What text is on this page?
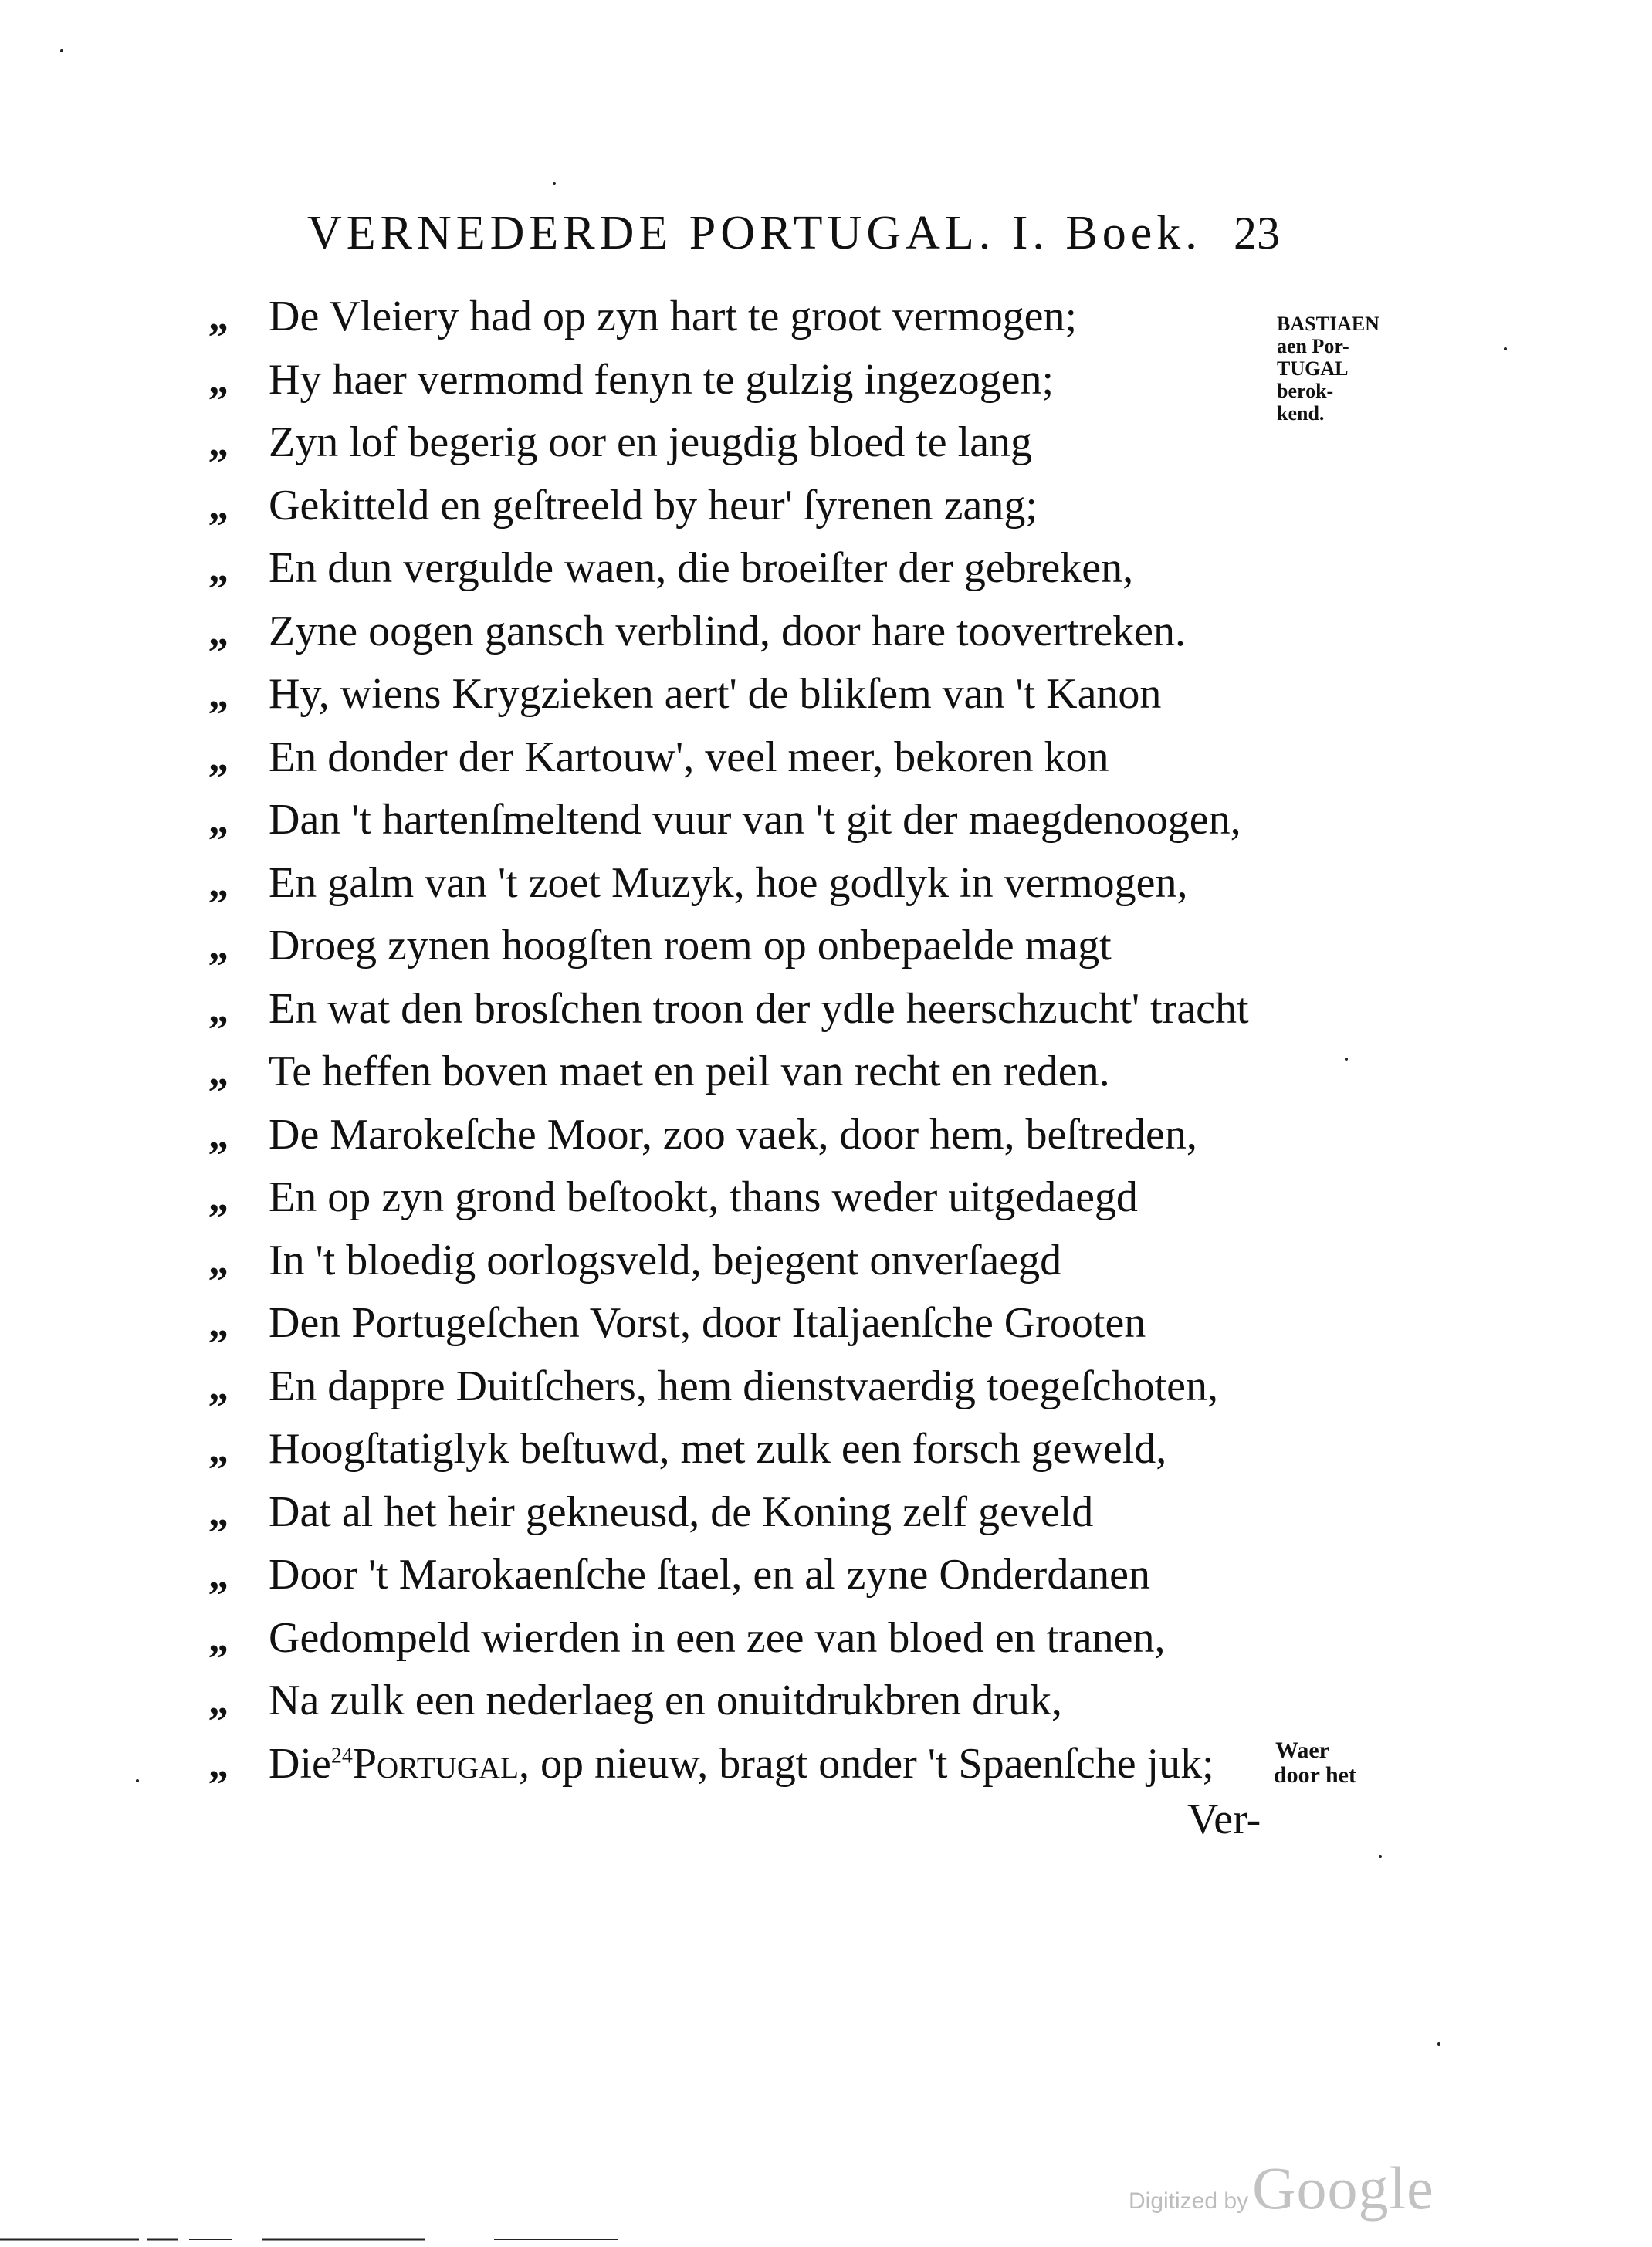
VERNEDERDE PORTUGAL. I. Boek. 23
„ De Vleiery had op zyn hart te groot vermogen;
„ Hy haer vermomd fenyn te gulzig ingezogen;
„ Zyn lof begerig oor en jeugdig bloed te lang
„ Gekitteld en geſtreeld by heur' ſyrenen zang;
„ En dun vergulde waen, die broeiſter der gebreken,
„ Zyne oogen gansch verblind, door hare toovertreken.
„ Hy, wiens Krygzieken aert' de blikſem van 't Kanon
„ En donder der Kartouw', veel meer, bekoren kon
„ Dan 't hartenſmeltend vuur van 't git der maegdenoogen,
„ En galm van 't zoet Muzyk, hoe godlyk in vermogen,
„ Droeg zynen hoogſten roem op onbepaelde magt
„ En wat den brosſchen troon der ydle heerschzucht' tracht
„ Te heffen boven maet en peil van recht en reden.
„ De Marokeſche Moor, zoo vaek, door hem, beſtreden,
„ En op zyn grond beſtookt, thans weder uitgedaegd
„ In 't bloedig oorlogsveld, bejegent onverſaegd
„ Den Portugeſchen Vorst, door Italjaenſche Grooten
„ En dappre Duitſchers, hem dienstvaerdig toegeſchoten,
„ Hoogſtatiglyk beſtuwd, met zulk een forsch geweld,
„ Dat al het heir gekneusd, de Koning zelf geveld
„ Door 't Marokaenſche ſtael, en al zyne Onderdanen
„ Gedompeld wierden in een zee van bloed en tranen,
„ Na zulk een nederlaeg en onuitdrukbren druk,
„ Die$^{24}$Portugal, op nieuw, bragt onder 't Spaenſche juk;
BASTIAEN
aen Por-
TUGAL
berok-
kend.
Waer
door het
Ver-
Digitized by Google
